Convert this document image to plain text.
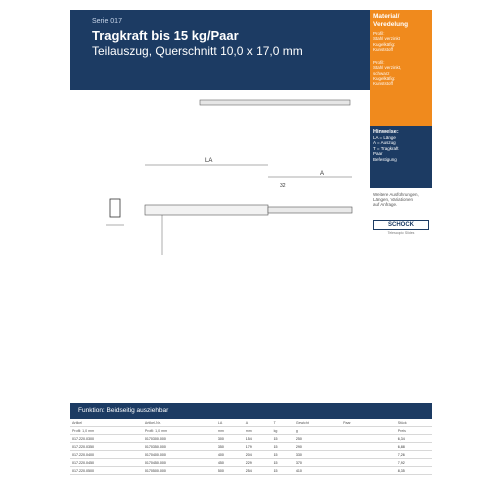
Serie 017
Tragkraft bis 15 kg/Paar
Teilauszug, Querschnitt 10,0 x 17,0 mm
Material/
Veredelung
Profil:
Stahl verzinkt
Kugelkäfig:
Kunststoff
Profil:
Stahl verzinkt,
schwarz
Kugelkäfig:
Kunststoff
Hinweise:
LA = Länge
A = Auszug
T = Tragkraft
Paar
Befestigung
Weitere Ausführungen,
Längen, Variationen
auf Anfrage.
SCHOCK
Telescopic Slides
LA
A
32
Funktion: Beidseitig ausziehbar
Artikel	Artikel-Nr.	LA	A	T	Gewicht	Paar			Stück
Profil: 1,0 mm	Profil: 1,0 mm	mm	mm	kg	g				Preis
017.220.0300	0170300.000	300	154	15	250				6,34
017.220.0350	0170350.000	350	179	15	290				6,88
017.220.0400	0170400.000	400	204	15	330				7,26
017.220.0450	0170450.000	450	229	15	370				7,92
017.220.0500	0170500.000	500	254	15	410				8,35
